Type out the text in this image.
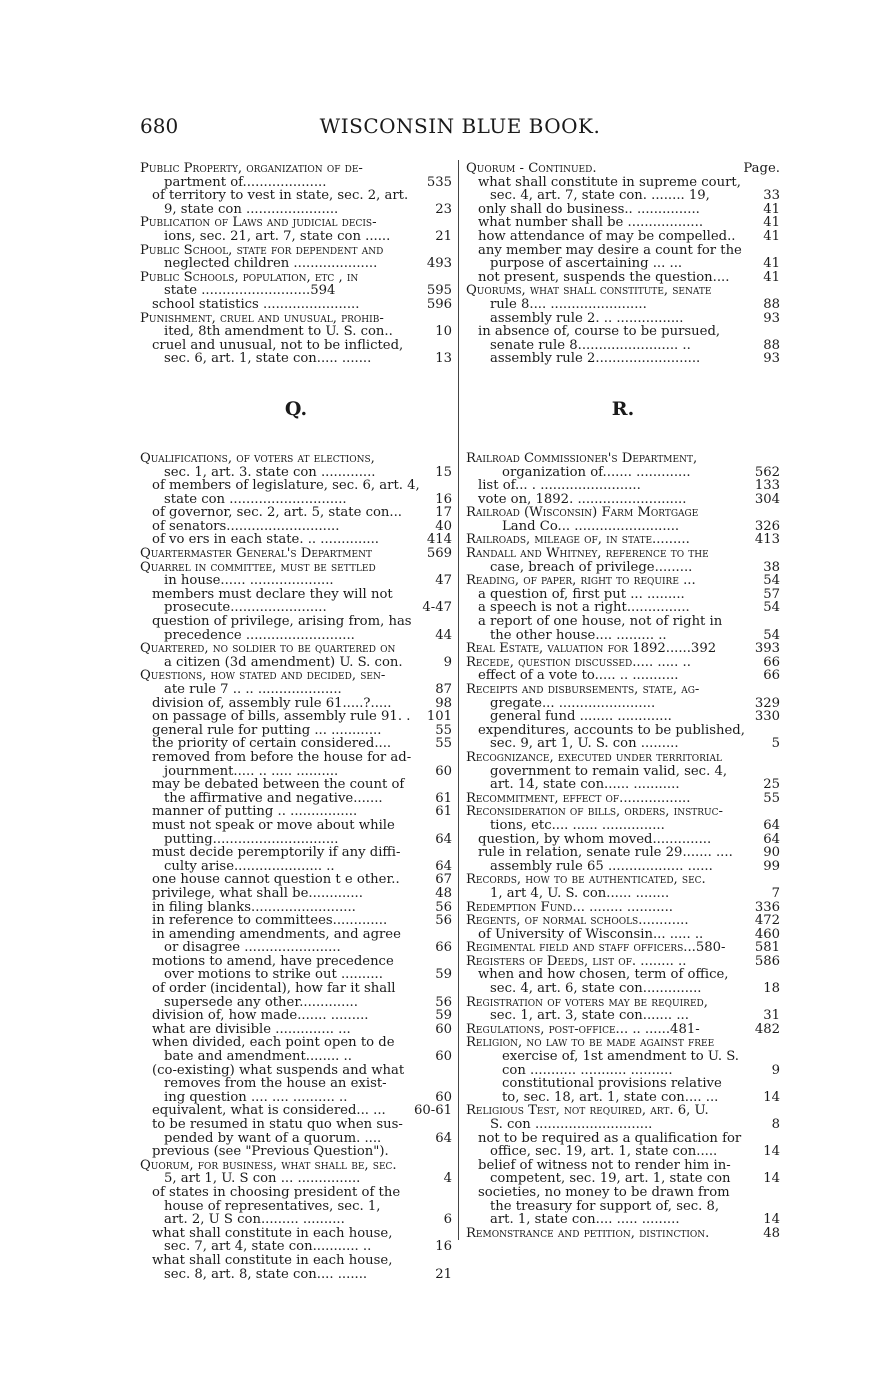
680	WISCONSIN BLUE BOOK.
Public Property, organization of de-
partment of....................	535
of territory to vest in state, sec. 2, art.
9, state con ......................	23
Publication of Laws and judicial decis-
ions, sec. 21, art. 7, state con ......	21
Public School, state for dependent and
neglected children ....................	493
Public Schools, population, etc , in
state ..........................594	595
school statistics .......................	596
Punishment, cruel and unusual, prohib-
ited, 8th amendment to U. S. con..	10
cruel and unusual, not to be inflicted,
sec. 6, art. 1, state con..... .......	13
Q.
Qualifications, of voters at elections,
sec. 1, art. 3. state con .............	15
of members of legislature, sec. 6, art. 4,
state con ............................	16
of governor, sec. 2, art. 5, state con...	17
of senators...........................	40
of vo ers in each state. .. ..............	414
Quartermaster General's Department	569
Quarrel in committee, must be settled
in house...... ....................	47
members must declare they will not
prosecute.......................	4-47
question of privilege, arising from, has
precedence ..........................	44
Quartered, no soldier to be quartered on
a citizen (3d amendment) U. S. con.	9
Questions, how stated and decided, sen-
ate rule 7 .. .. ....................	87
division of, assembly rule 61.....?.....	98
on passage of bills, assembly rule 91. . 101
general rule for putting ... ............	55
the priority of certain considered....	55
removed from before the house for ad-
journment..... .. ..... ..........	60
may be debated between the count of
the affirmative and negative.......	61
manner of putting .. ................	61
must not speak or move about while
putting..............................	64
must decide peremptorily if any diffi-
culty arise..................... ..	64
one house cannot question t e other..	67
privilege, what shall be.............	48
in filing blanks.........................	56
in reference to committees.............	56
in amending amendments, and agree
or disagree .......................	66
motions to amend, have precedence
over motions to strike out ..........	59
of order (incidental), how far it shall
supersede any other..............	56
division of, how made....... .........	59
what are divisible .............. ...	60
when divided, each point open to de
bate and amendment........ ..	60
(co-existing) what suspends and what
removes from the house an exist-
ing question .... .... .......... ..	60
equivalent, what is considered... ... 60-61
to be resumed in statu quo when sus-
pended by want of a quorum. ....	64
previous (see "Previous Question").
Quorum, for business, what shall be, sec.
5, art 1, U. S con ... ...............	4
of states in choosing president of the
house of representatives, sec. 1,
art. 2, U S con......... ..........	6
what shall constitute in each house,
sec. 7, art 4, state con........... ..	16
what shall constitute in each house,
sec. 8, art. 8, state con.... .......	21
Quorum - Continued.	Page.
what shall constitute in supreme court,
sec. 4, art. 7, state con. ........ 19,	33
only shall do business.. ...............	41
what number shall be ..................	41
how attendance of may be compelled.. 41
any member may desire a count for the
purpose of ascertaining ... ...	41
not present, suspends the question....	41
Quorums, what shall constitute, senate
rule 8.... .......................	88
assembly rule 2. .. ................	93
in absence of, course to be pursued,
senate rule 8........................ ..	88
assembly rule 2.........................	93
R.
Railroad Commissioner's Department,
organization of....... .............	562
list of... . ........................	133
vote on, 1892. ..........................	304
Railroad (Wisconsin) Farm Mortgage
Land Co... .........................	326
Railroads, mileage of, in state.........	413
Randall and Whitney, reference to the
case, breach of privilege.........	38
Reading, of paper, right to require ...	54
a question of, first put ... .........	57
a speech is not a right...............	54
a report of one house, not of right in
the other house.... ......... ..	54
Real Estate, valuation for 1892......392	393
Recede, question discussed..... ..... ..	66
effect of a vote to..... .. ...........	66
Receipts and disbursements, state, ag-
gregate... .......................	329
general fund ........ .............	330
expenditures, accounts to be published,
sec. 9, art 1, U. S. con .........	5
Recognizance, executed under territorial
government to remain valid, sec. 4,
art. 14, state con...... ...........	25
Recommitment, effect of.................	55
Reconsideration of bills, orders, instruc-
tions, etc.... ...... ...............	64
question, by whom moved..............	64
rule in relation, senate rule 29....... .... 90
assembly rule 65 .................. ......	99
Records, how to be authenticated, sec.
1, art 4, U. S. con...... ........	7
Redemption Fund... ........ ...........	336
Regents, of normal schools............	472
of University of Wisconsin... ..... ..	460
Regimental field and staff officers...580- 581
Registers of Deeds, list of. ........ ..	586
when and how chosen, term of office,
sec. 4, art. 6, state con..............	18
Registration of voters may be required,
sec. 1, art. 3, state con....... ...	31
Regulations, post-office... .. ......481-	482
Religion, no law to be made against free
exercise of, 1st amendment to U. S.
con ........... ........... ..........	9
constitutional provisions relative
to, sec. 18, art. 1, state con.... ...	14
Religious Test, not required, art. 6, U.
S. con ............................	8
not to be required as a qualification for
office, sec. 19, art. 1, state con.....	14
belief of witness not to render him in-
competent, sec. 19, art. 1, state con 14
societies, no money to be drawn from
the treasury for support of, sec. 8,
art. 1, state con.... ..... .........	14
Remonstrance and petition, distinction.	48
